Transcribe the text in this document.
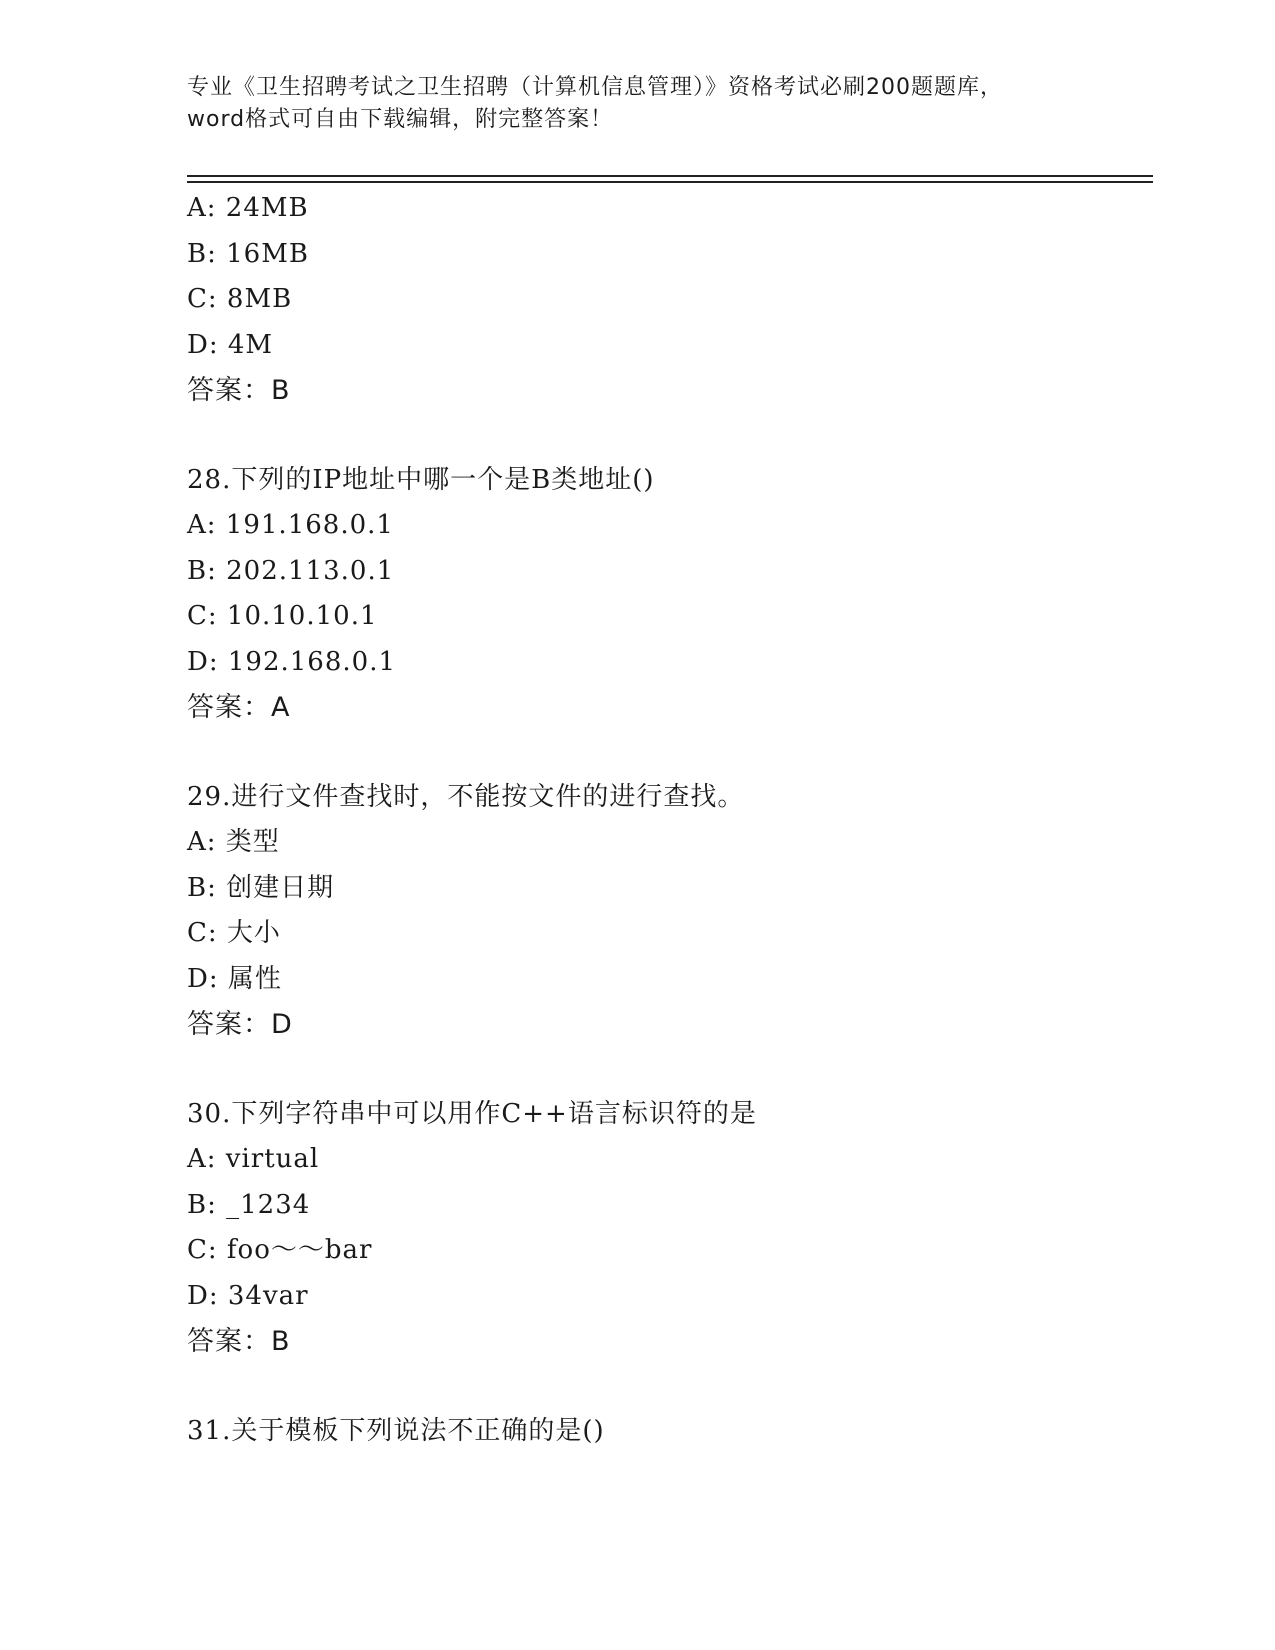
专业《卫生招聘考试之卫生招聘（计算机信息管理）》资格考试必刷200题题库，
word格式可自由下载编辑，附完整答案！
A: 24MB
B: 16MB
C: 8MB
D: 4M
答案：B
28.下列的IP地址中哪一个是B类地址()
A: 191.168.0.1
B: 202.113.0.1
C: 10.10.10.1
D: 192.168.0.1
答案：A
29.进行文件查找时，不能按文件的进行查找。
A: 类型
B: 创建日期
C: 大小
D: 属性
答案：D
30.下列字符串中可以用作C++语言标识符的是
A: virtual
B: _1234
C: foo～～bar
D: 34var
答案：B
31.关于模板下列说法不正确的是()
